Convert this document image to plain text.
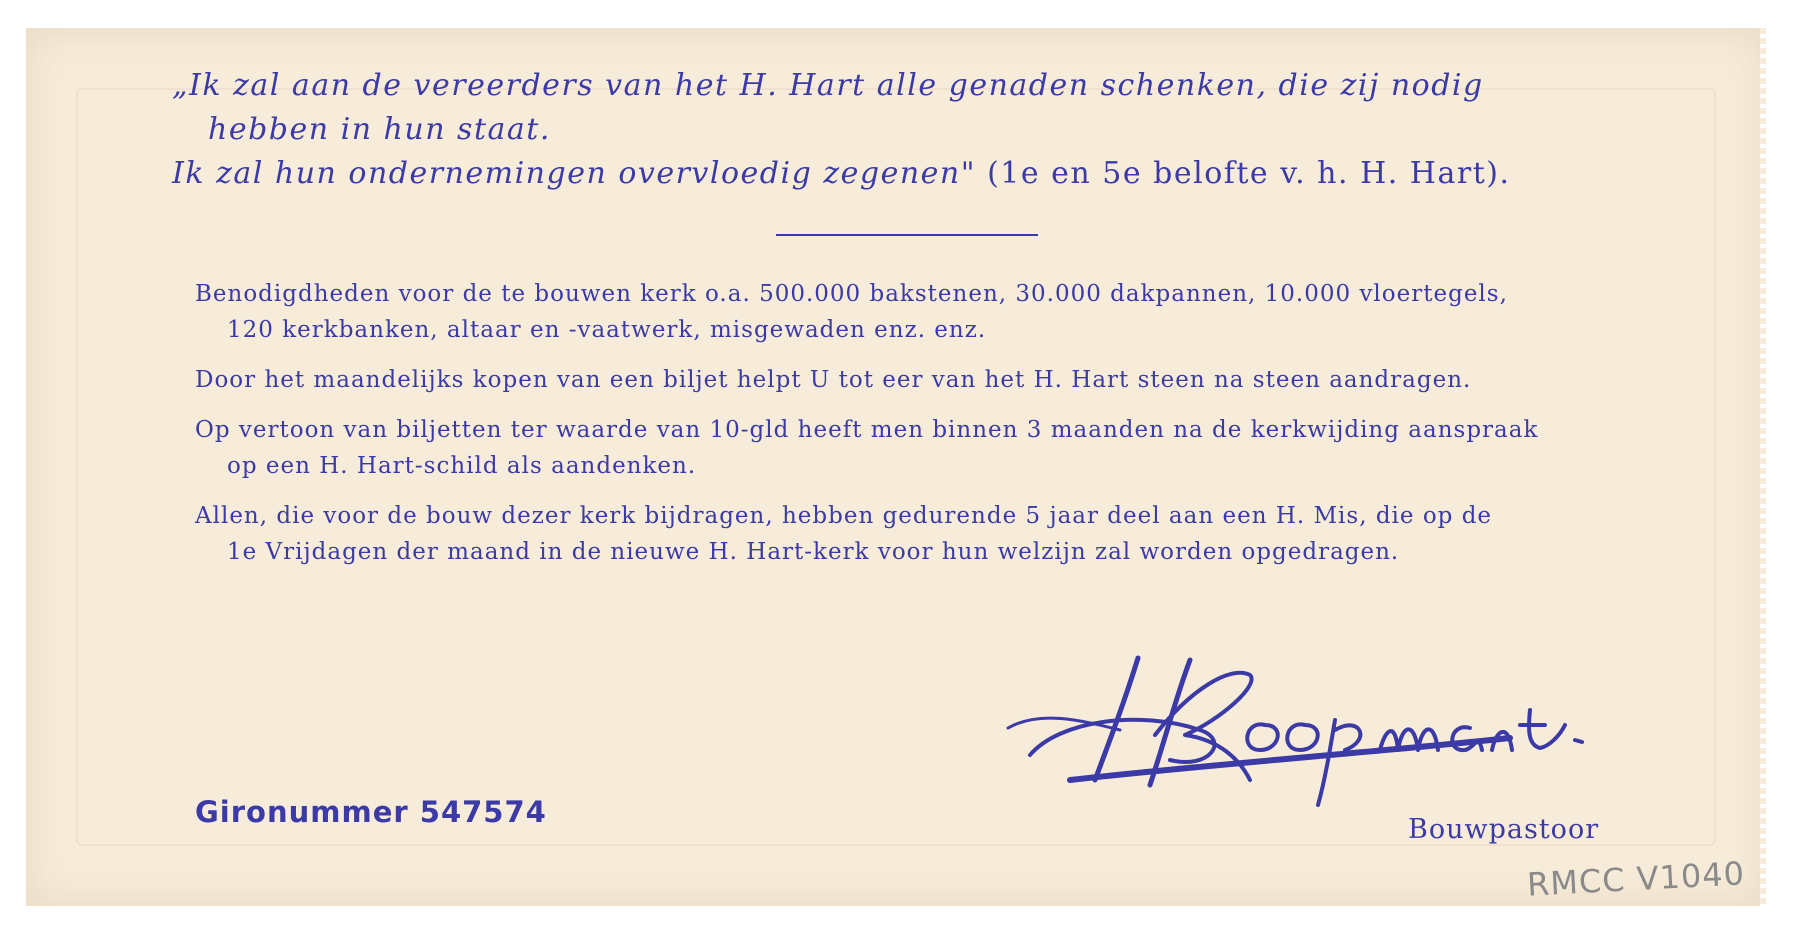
„Ik zal aan de vereerders van het H. Hart alle genaden schenken, die zij nodig
hebben in hun staat.
Ik zal hun ondernemingen overvloedig zegenen" (1e en 5e belofte v. h. H. Hart).

Benodigdheden voor de te bouwen kerk o.a. 500.000 bakstenen, 30.000 dakpannen, 10.000 vloertegels,
120 kerkbanken, altaar en -vaatwerk, misgewaden enz. enz.

Door het maandelijks kopen van een biljet helpt U tot eer van het H. Hart steen na steen aandragen.

Op vertoon van biljetten ter waarde van 10-gld heeft men binnen 3 maanden na de kerkwijding aanspraak
op een H. Hart-schild als aandenken.

Allen, die voor de bouw dezer kerk bijdragen, hebben gedurende 5 jaar deel aan een H. Mis, die op de
1e Vrijdagen der maand in de nieuwe H. Hart-kerk voor hun welzijn zal worden opgedragen.

Gironummer 547574
Bouwpastoor
RMCC V1040
